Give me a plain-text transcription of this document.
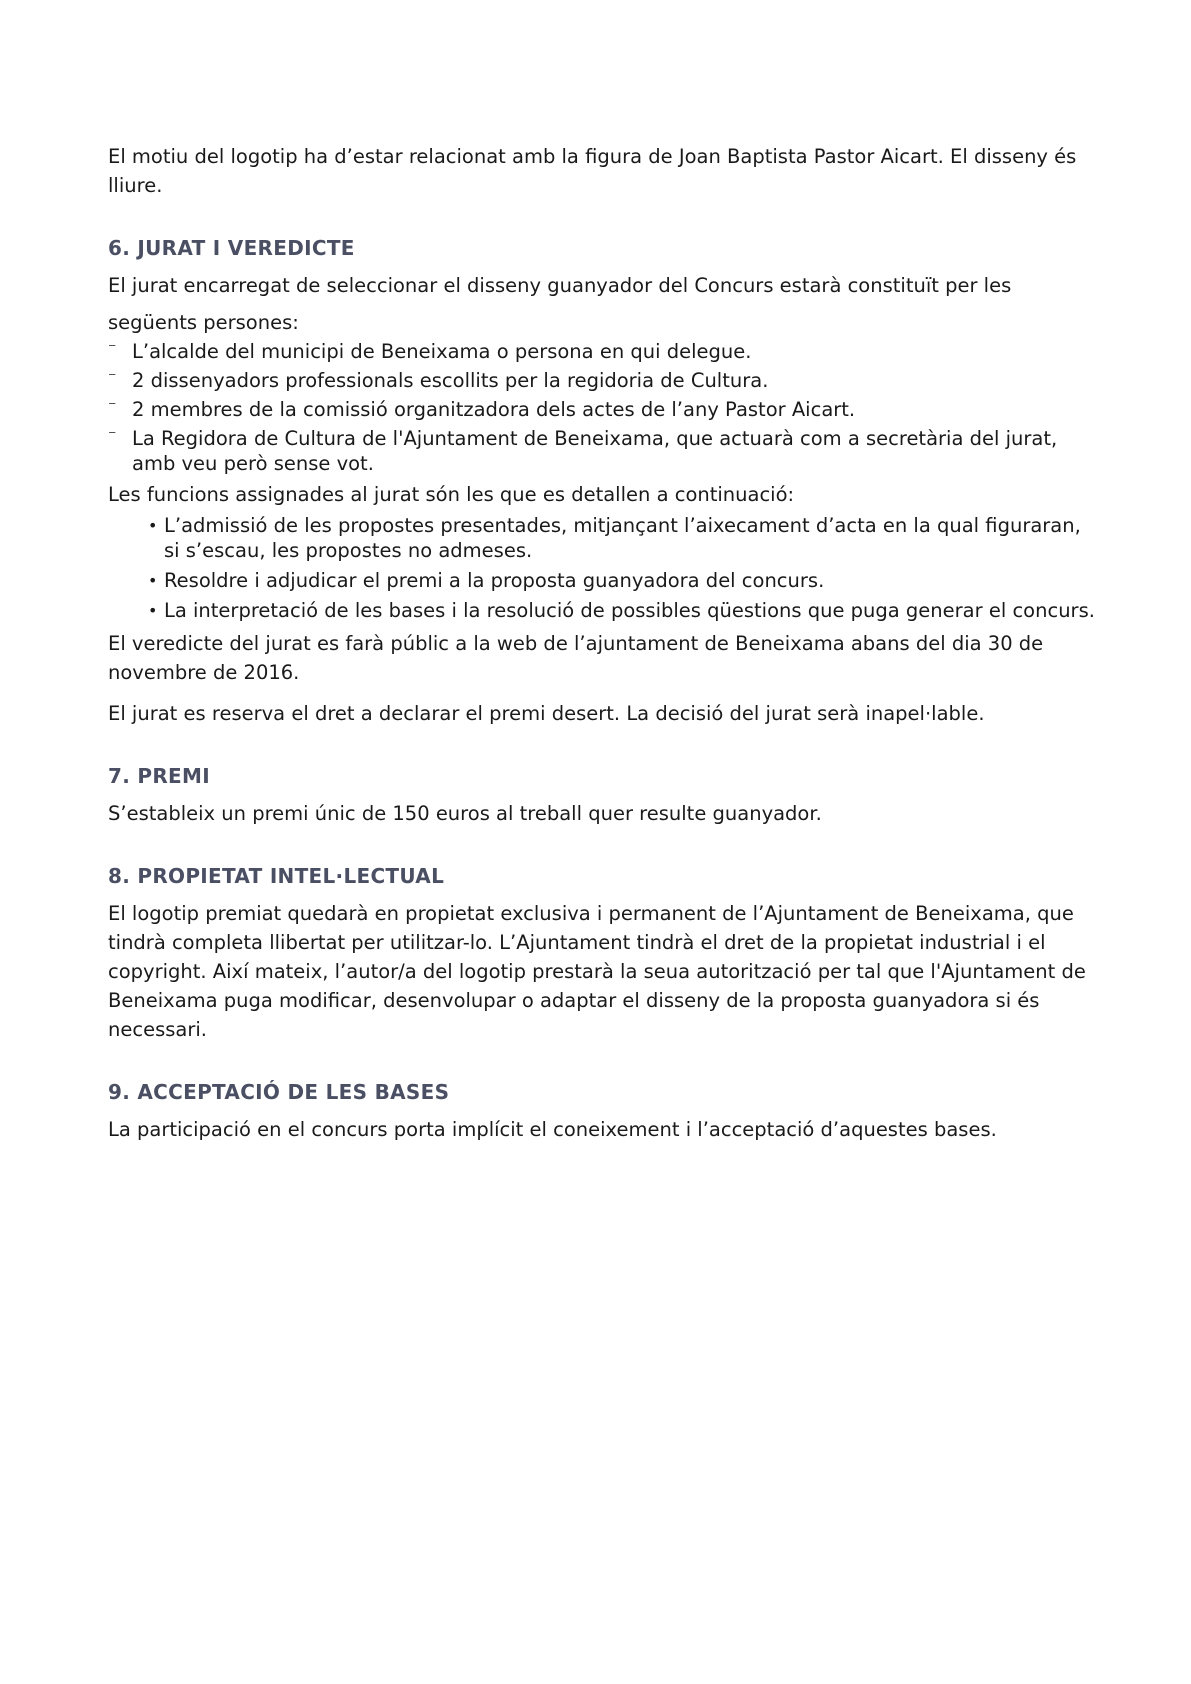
El motiu del logotip ha d’estar relacionat amb la figura de Joan Baptista Pastor Aicart. El disseny és lliure.

6. JURAT I VEREDICTE

El jurat encarregat de seleccionar el disseny guanyador del Concurs estarà constituït per les

següents persones:

⁻ L’alcalde del municipi de Beneixama o persona en qui delegue.
⁻ 2 dissenyadors professionals escollits per la regidoria de Cultura.
⁻ 2 membres de la comissió organitzadora dels actes de l’any Pastor Aicart.
⁻ La Regidora de Cultura de l'Ajuntament de Beneixama, que actuarà com a secretària del jurat, amb veu però sense vot.

Les funcions assignades al jurat són les que es detallen a continuació:

• L’admissió de les propostes presentades, mitjançant l’aixecament d’acta en la qual figuraran, si s’escau, les propostes no admeses.
• Resoldre i adjudicar el premi a la proposta guanyadora del concurs.
• La interpretació de les bases i la resolució de possibles qüestions que puga generar el concurs.

El veredicte del jurat es farà públic a la web de l’ajuntament de Beneixama abans del dia 30 de novembre de 2016.

El jurat es reserva el dret a declarar el premi desert. La decisió del jurat serà inapel·lable.

7. PREMI

S’estableix un premi únic de 150 euros al treball quer resulte guanyador.

8. PROPIETAT INTEL·LECTUAL

El logotip premiat quedarà en propietat exclusiva i permanent de l’Ajuntament de Beneixama, que tindrà completa llibertat per utilitzar-lo. L’Ajuntament tindrà el dret de la propietat industrial i el copyright. Així mateix, l’autor/a del logotip prestarà la seua autorització per tal que l'Ajuntament de Beneixama puga modificar, desenvolupar o adaptar el disseny de la proposta guanyadora si és necessari.

9. ACCEPTACIÓ DE LES BASES

La participació en el concurs porta implícit el coneixement i l’acceptació d’aquestes bases.
